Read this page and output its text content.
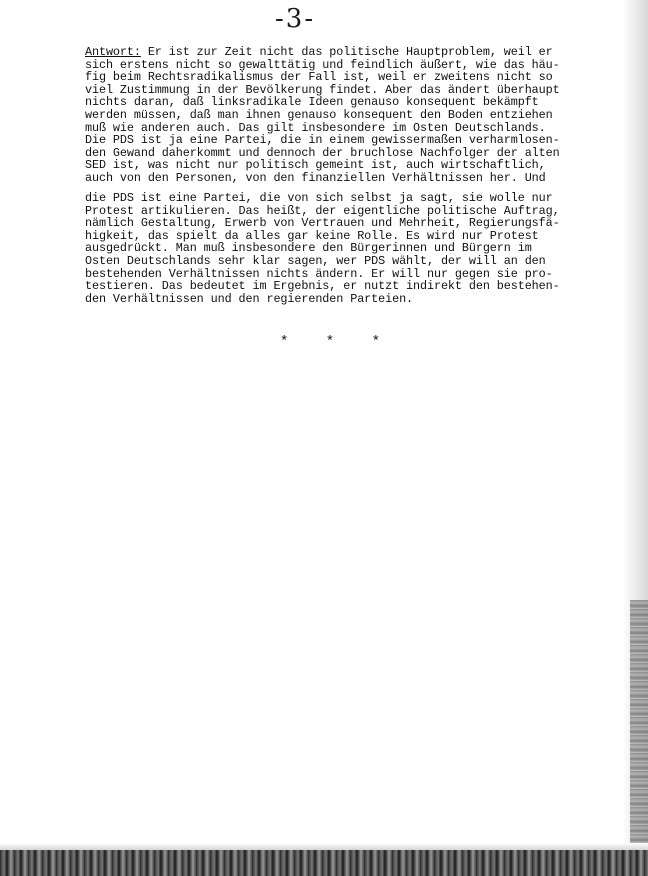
-3-

Antwort: Er ist zur Zeit nicht das politische Hauptproblem, weil er
sich erstens nicht so gewalttätig und feindlich äußert, wie das häu-
fig beim Rechtsradikalismus der Fall ist, weil er zweitens nicht so
viel Zustimmung in der Bevölkerung findet. Aber das ändert überhaupt
nichts daran, daß linksradikale Ideen genauso konsequent bekämpft
werden müssen, daß man ihnen genauso konsequent den Boden entziehen
muß wie anderen auch. Das gilt insbesondere im Osten Deutschlands.
Die PDS ist ja eine Partei, die in einem gewissermaßen verharmlosen-
den Gewand daherkommt und dennoch der bruchlose Nachfolger der alten
SED ist, was nicht nur politisch gemeint ist, auch wirtschaftlich,
auch von den Personen, von den finanziellen Verhältnissen her. Und

die PDS ist eine Partei, die von sich selbst ja sagt, sie wolle nur
Protest artikulieren. Das heißt, der eigentliche politische Auftrag,
nämlich Gestaltung, Erwerb von Vertrauen und Mehrheit, Regierungsfä-
higkeit, das spielt da alles gar keine Rolle. Es wird nur Protest
ausgedrückt. Man muß insbesondere den Bürgerinnen und Bürgern im
Osten Deutschlands sehr klar sagen, wer PDS wählt, der will an den
bestehenden Verhältnissen nichts ändern. Er will nur gegen sie pro-
testieren. Das bedeutet im Ergebnis, er nutzt indirekt den bestehen-
den Verhältnissen und den regierenden Parteien.

*	*	*
